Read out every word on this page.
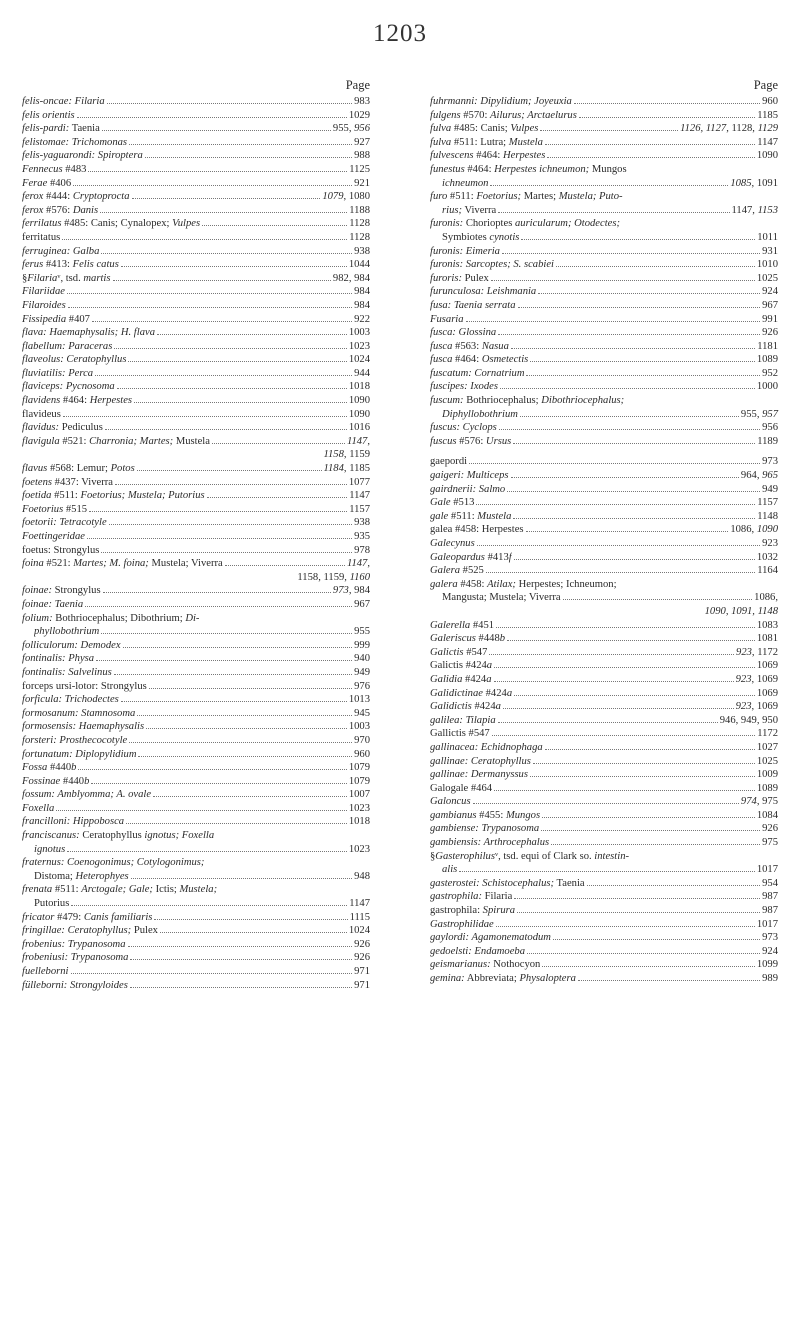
1203
Page
felis-oncae: Filaria	983
felis orientis	1029
felis-pardi: Taenia	955, 956
felistomae: Trichomonas	927
felis-yaguarondi: Spiroptera	988
Fennecus #483	1125
Ferae #406	921
ferox #444: Cryptoprocta	1079, 1080
ferox #576: Danis	1188
ferrilatus #485: Canis; Cynalopex; Vulpes	1128
ferritatus	1128
ferruginea: Galba	938
ferus #413: Felis catus	1044
§Filariaᵛ, tsd. martis	982, 984
Filariidae	984
Filaroides	984
Fissipedia #407	922
flava: Haemaphysalis; H. flava	1003
flabellum: Paraceras	1023
flaveolus: Ceratophyllus	1024
fluviatilis: Perca	944
flaviceps: Pycnosoma	1018
flavidens #464: Herpestes	1090
flavideus	1090
flavidus: Pediculus	1016
flavigula #521: Charronia; Martes; Mustela	1147,
1158, 1159
flavus #568: Lemur; Potos	1184, 1185
foetens #437: Viverra	1077
foetida #511: Foetorius; Mustela; Putorius	1147
Foetorius #515	1157
foetorii: Tetracotyle	938
Foettingeridae	935
foetus: Strongylus	978
foina #521: Martes; M. foina; Mustela; Viverra	1147,
1158, 1159, 1160
foinae: Strongylus	973, 984
foinae: Taenia	967
folium: Bothriocephalus; Dibothrium; Di-
phyllobothrium	955
folliculorum: Demodex	999
fontinalis: Physa	940
fontinalis: Salvelinus	949
forceps ursi-lotor: Strongylus	976
forficula: Trichodectes	1013
formosanum: Stamnosoma	945
formosensis: Haemaphysalis	1003
forsteri: Prosthecocotyle	970
fortunatum: Diplopylidium	960
Fossa #440b	1079
Fossinae #440b	1079
fossum: Amblyomma; A. ovale	1007
Foxella	1023
francilloni: Hippobosca	1018
franciscanus: Ceratophyllus ignotus; Foxella
ignotus	1023
fraternus: Coenogonimus; Cotylogonimus;
Distoma; Heterophyes	948
frenata #511: Arctogale; Gale; Ictis; Mustela;
Putorius	1147
fricator #479: Canis familiaris	1115
fringillae: Ceratophyllus; Pulex	1024
frobenius: Trypanosoma	926
frobeniusi: Trypanosoma	926
fuelleborni	971
fülleborni: Strongyloides	971
Page
fuhrmanni: Dipylidium; Joyeuxia	960
fulgens #570: Ailurus; Arctaelurus	1185
fulva #485: Canis; Vulpes	1126, 1127, 1128, 1129
fulva #511: Lutra; Mustela	1147
fulvescens #464: Herpestes	1090
funestus #464: Herpestes ichneumon; Mungos
ichneumon	1085, 1091
furo #511: Foetorius; Martes; Mustela; Puto-
rius; Viverra	1147, 1153
furonis: Chorioptes auricularum; Otodectes;
Symbiotes cynotis	1011
furonis: Eimeria	931
furonis: Sarcoptes; S. scabiei	1010
furoris: Pulex	1025
furunculosa: Leishmania	924
fusa: Taenia serrata	967
Fusaria	991
fusca: Glossina	926
fusca #563: Nasua	1181
fusca #464: Osmetectis	1089
fuscatum: Cornatrium	952
fuscipes: Ixodes	1000
fuscum: Bothriocephalus; Dibothriocephalus;
Diphyllobothrium	955, 957
fuscus: Cyclops	956
fuscus #576: Ursus	1189
gaepordi	973
gaigeri: Multiceps	964, 965
gairdnerii: Salmo	949
Gale #513	1157
gale #511: Mustela	1148
galea #458: Herpestes	1086, 1090
Galecynus	923
Galeopardus #413f	1032
Galera #525	1164
galera #458: Atilax; Herpestes; Ichneumon;
Mangusta; Mustela; Viverra	1086,
1090, 1091, 1148
Galerella #451	1083
Galeriscus #448b	1081
Galictis #547	923, 1172
Galictis #424a	1069
Galidia #424a	923, 1069
Galidictinae #424a	1069
Galidictis #424a	923, 1069
galilea: Tilapia	946, 949, 950
Gallictis #547	1172
gallinacea: Echidnophaga	1027
gallinae: Ceratophyllus	1025
gallinae: Dermanyssus	1009
Galogale #464	1089
Galoncus	974, 975
gambianus #455: Mungos	1084
gambiense: Trypanosoma	926
gambiensis: Arthrocephalus	975
§Gasterophilusᵛ, tsd. equi of Clark so. intestin-
alis	1017
gasterostei: Schistocephalus; Taenia	954
gastrophila: Filaria	987
gastrophila: Spirura	987
Gastrophilidae	1017
gaylordi: Agamonematodum	973
gedoelsti: Endamoeba	924
geismarianus: Nothocyon	1099
gemina: Abbreviata; Physaloptera	989
